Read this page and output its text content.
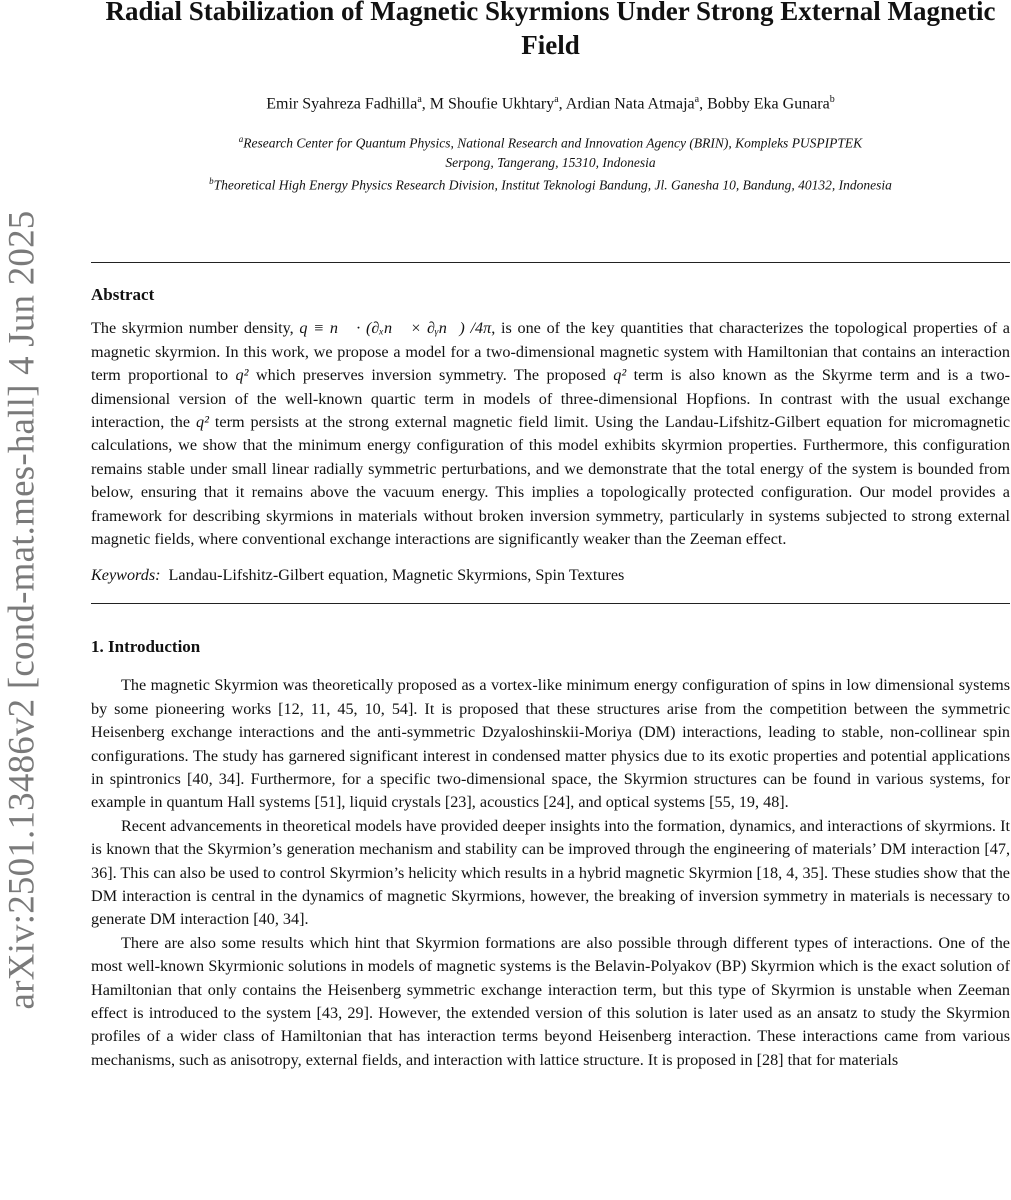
arXiv:2501.13486v2 [cond-mat.mes-hall] 4 Jun 2025
Radial Stabilization of Magnetic Skyrmions Under Strong External Magnetic Field
Emir Syahreza Fadhilla$^a$, M Shoufie Ukhtary$^a$, Ardian Nata Atmaja$^a$, Bobby Eka Gunara$^b$
$^a$Research Center for Quantum Physics, National Research and Innovation Agency (BRIN), Kompleks PUSPIPTEK
Serpong, Tangerang, 15310, Indonesia
$^b$Theoretical High Energy Physics Research Division, Institut Teknologi Bandung, Jl. Ganesha 10, Bandung, 40132, Indonesia
Abstract
The skyrmion number density, q ≡ n⃗ · (∂ₓn⃗ × ∂ᵧn⃗) /4π, is one of the key quantities that characterizes the topological properties of a magnetic skyrmion. In this work, we propose a model for a two-dimensional magnetic system with Hamiltonian that contains an interaction term proportional to q² which preserves inversion symmetry. The proposed q² term is also known as the Skyrme term and is a two-dimensional version of the well-known quartic term in models of three-dimensional Hopfions. In contrast with the usual exchange interaction, the q² term persists at the strong external magnetic field limit. Using the Landau-Lifshitz-Gilbert equation for micromagnetic calculations, we show that the minimum energy configuration of this model exhibits skyrmion properties. Furthermore, this configuration remains stable under small linear radially symmetric perturbations, and we demonstrate that the total energy of the system is bounded from below, ensuring that it remains above the vacuum energy. This implies a topologically protected configuration. Our model provides a framework for describing skyrmions in materials without broken inversion symmetry, particularly in systems subjected to strong external magnetic fields, where conventional exchange interactions are significantly weaker than the Zeeman effect.
Keywords: Landau-Lifshitz-Gilbert equation, Magnetic Skyrmions, Spin Textures
1. Introduction

The magnetic Skyrmion was theoretically proposed as a vortex-like minimum energy configuration of spins in low dimensional systems by some pioneering works [12, 11, 45, 10, 54]. It is proposed that these structures arise from the competition between the symmetric Heisenberg exchange interactions and the anti-symmetric Dzyaloshinskii-Moriya (DM) interactions, leading to stable, non-collinear spin configurations. The study has garnered significant interest in condensed matter physics due to its exotic properties and potential applications in spintronics [40, 34]. Furthermore, for a specific two-dimensional space, the Skyrmion structures can be found in various systems, for example in quantum Hall systems [51], liquid crystals [23], acoustics [24], and optical systems [55, 19, 48].

Recent advancements in theoretical models have provided deeper insights into the formation, dynamics, and interactions of skyrmions. It is known that the Skyrmion’s generation mechanism and stability can be improved through the engineering of materials’ DM interaction [47, 36]. This can also be used to control Skyrmion’s helicity which results in a hybrid magnetic Skyrmion [18, 4, 35]. These studies show that the DM interaction is central in the dynamics of magnetic Skyrmions, however, the breaking of inversion symmetry in materials is necessary to generate DM interaction [40, 34].

There are also some results which hint that Skyrmion formations are also possible through different types of interactions. One of the most well-known Skyrmionic solutions in models of magnetic systems is the Belavin-Polyakov (BP) Skyrmion which is the exact solution of Hamiltonian that only contains the Heisenberg symmetric exchange interaction term, but this type of Skyrmion is unstable when Zeeman effect is introduced to the system [43, 29]. However, the extended version of this solution is later used as an ansatz to study the Skyrmion profiles of a wider class of Hamiltonian that has interaction terms beyond Heisenberg interaction. These interactions came from various mechanisms, such as anisotropy, external fields, and interaction with lattice structure. It is proposed in [28] that for materials
